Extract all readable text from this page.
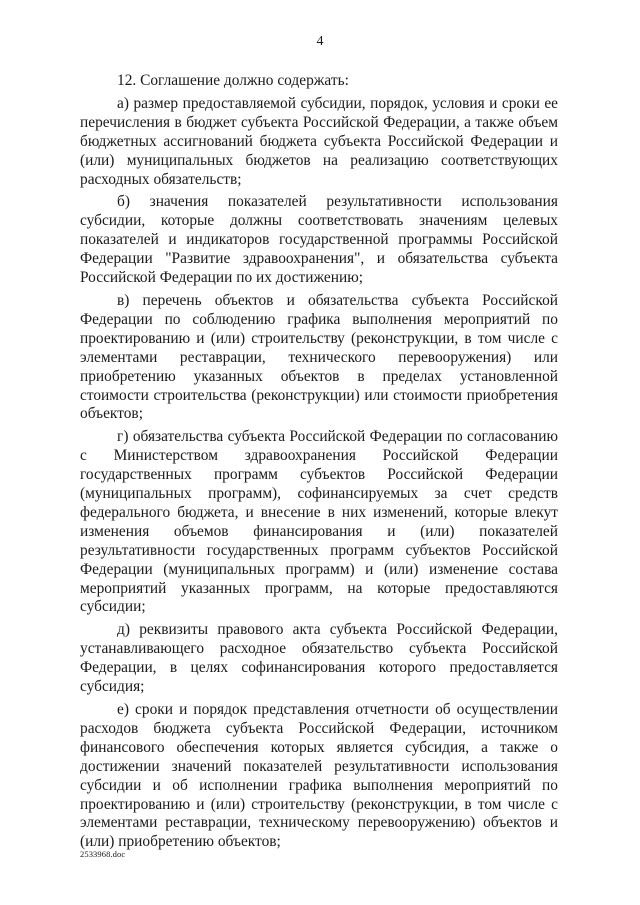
4

12. Соглашение должно содержать:

а) размер предоставляемой субсидии, порядок, условия и сроки ее перечисления в бюджет субъекта Российской Федерации, а также объем бюджетных ассигнований бюджета субъекта Российской Федерации и (или) муниципальных бюджетов на реализацию соответствующих расходных обязательств;

б) значения показателей результативности использования субсидии, которые должны соответствовать значениям целевых показателей и индикаторов государственной программы Российской Федерации "Развитие здравоохранения", и обязательства субъекта Российской Федерации по их достижению;

в) перечень объектов и обязательства субъекта Российской Федерации по соблюдению графика выполнения мероприятий по проектированию и (или) строительству (реконструкции, в том числе с элементами реставрации, технического перевооружения) или приобретению указанных объектов в пределах установленной стоимости строительства (реконструкции) или стоимости приобретения объектов;

г) обязательства субъекта Российской Федерации по согласованию с Министерством здравоохранения Российской Федерации государственных программ субъектов Российской Федерации (муниципальных программ), софинансируемых за счет средств федерального бюджета, и внесение в них изменений, которые влекут изменения объемов финансирования и (или) показателей результативности государственных программ субъектов Российской Федерации (муниципальных программ) и (или) изменение состава мероприятий указанных программ, на которые предоставляются субсидии;

д) реквизиты правового акта субъекта Российской Федерации, устанавливающего расходное обязательство субъекта Российской Федерации, в целях софинансирования которого предоставляется субсидия;

е) сроки и порядок представления отчетности об осуществлении расходов бюджета субъекта Российской Федерации, источником финансового обеспечения которых является субсидия, а также о достижении значений показателей результативности использования субсидии и об исполнении графика выполнения мероприятий по проектированию и (или) строительству (реконструкции, в том числе с элементами реставрации, техническому перевооружению) объектов и (или) приобретению объектов;

2533968.doc
